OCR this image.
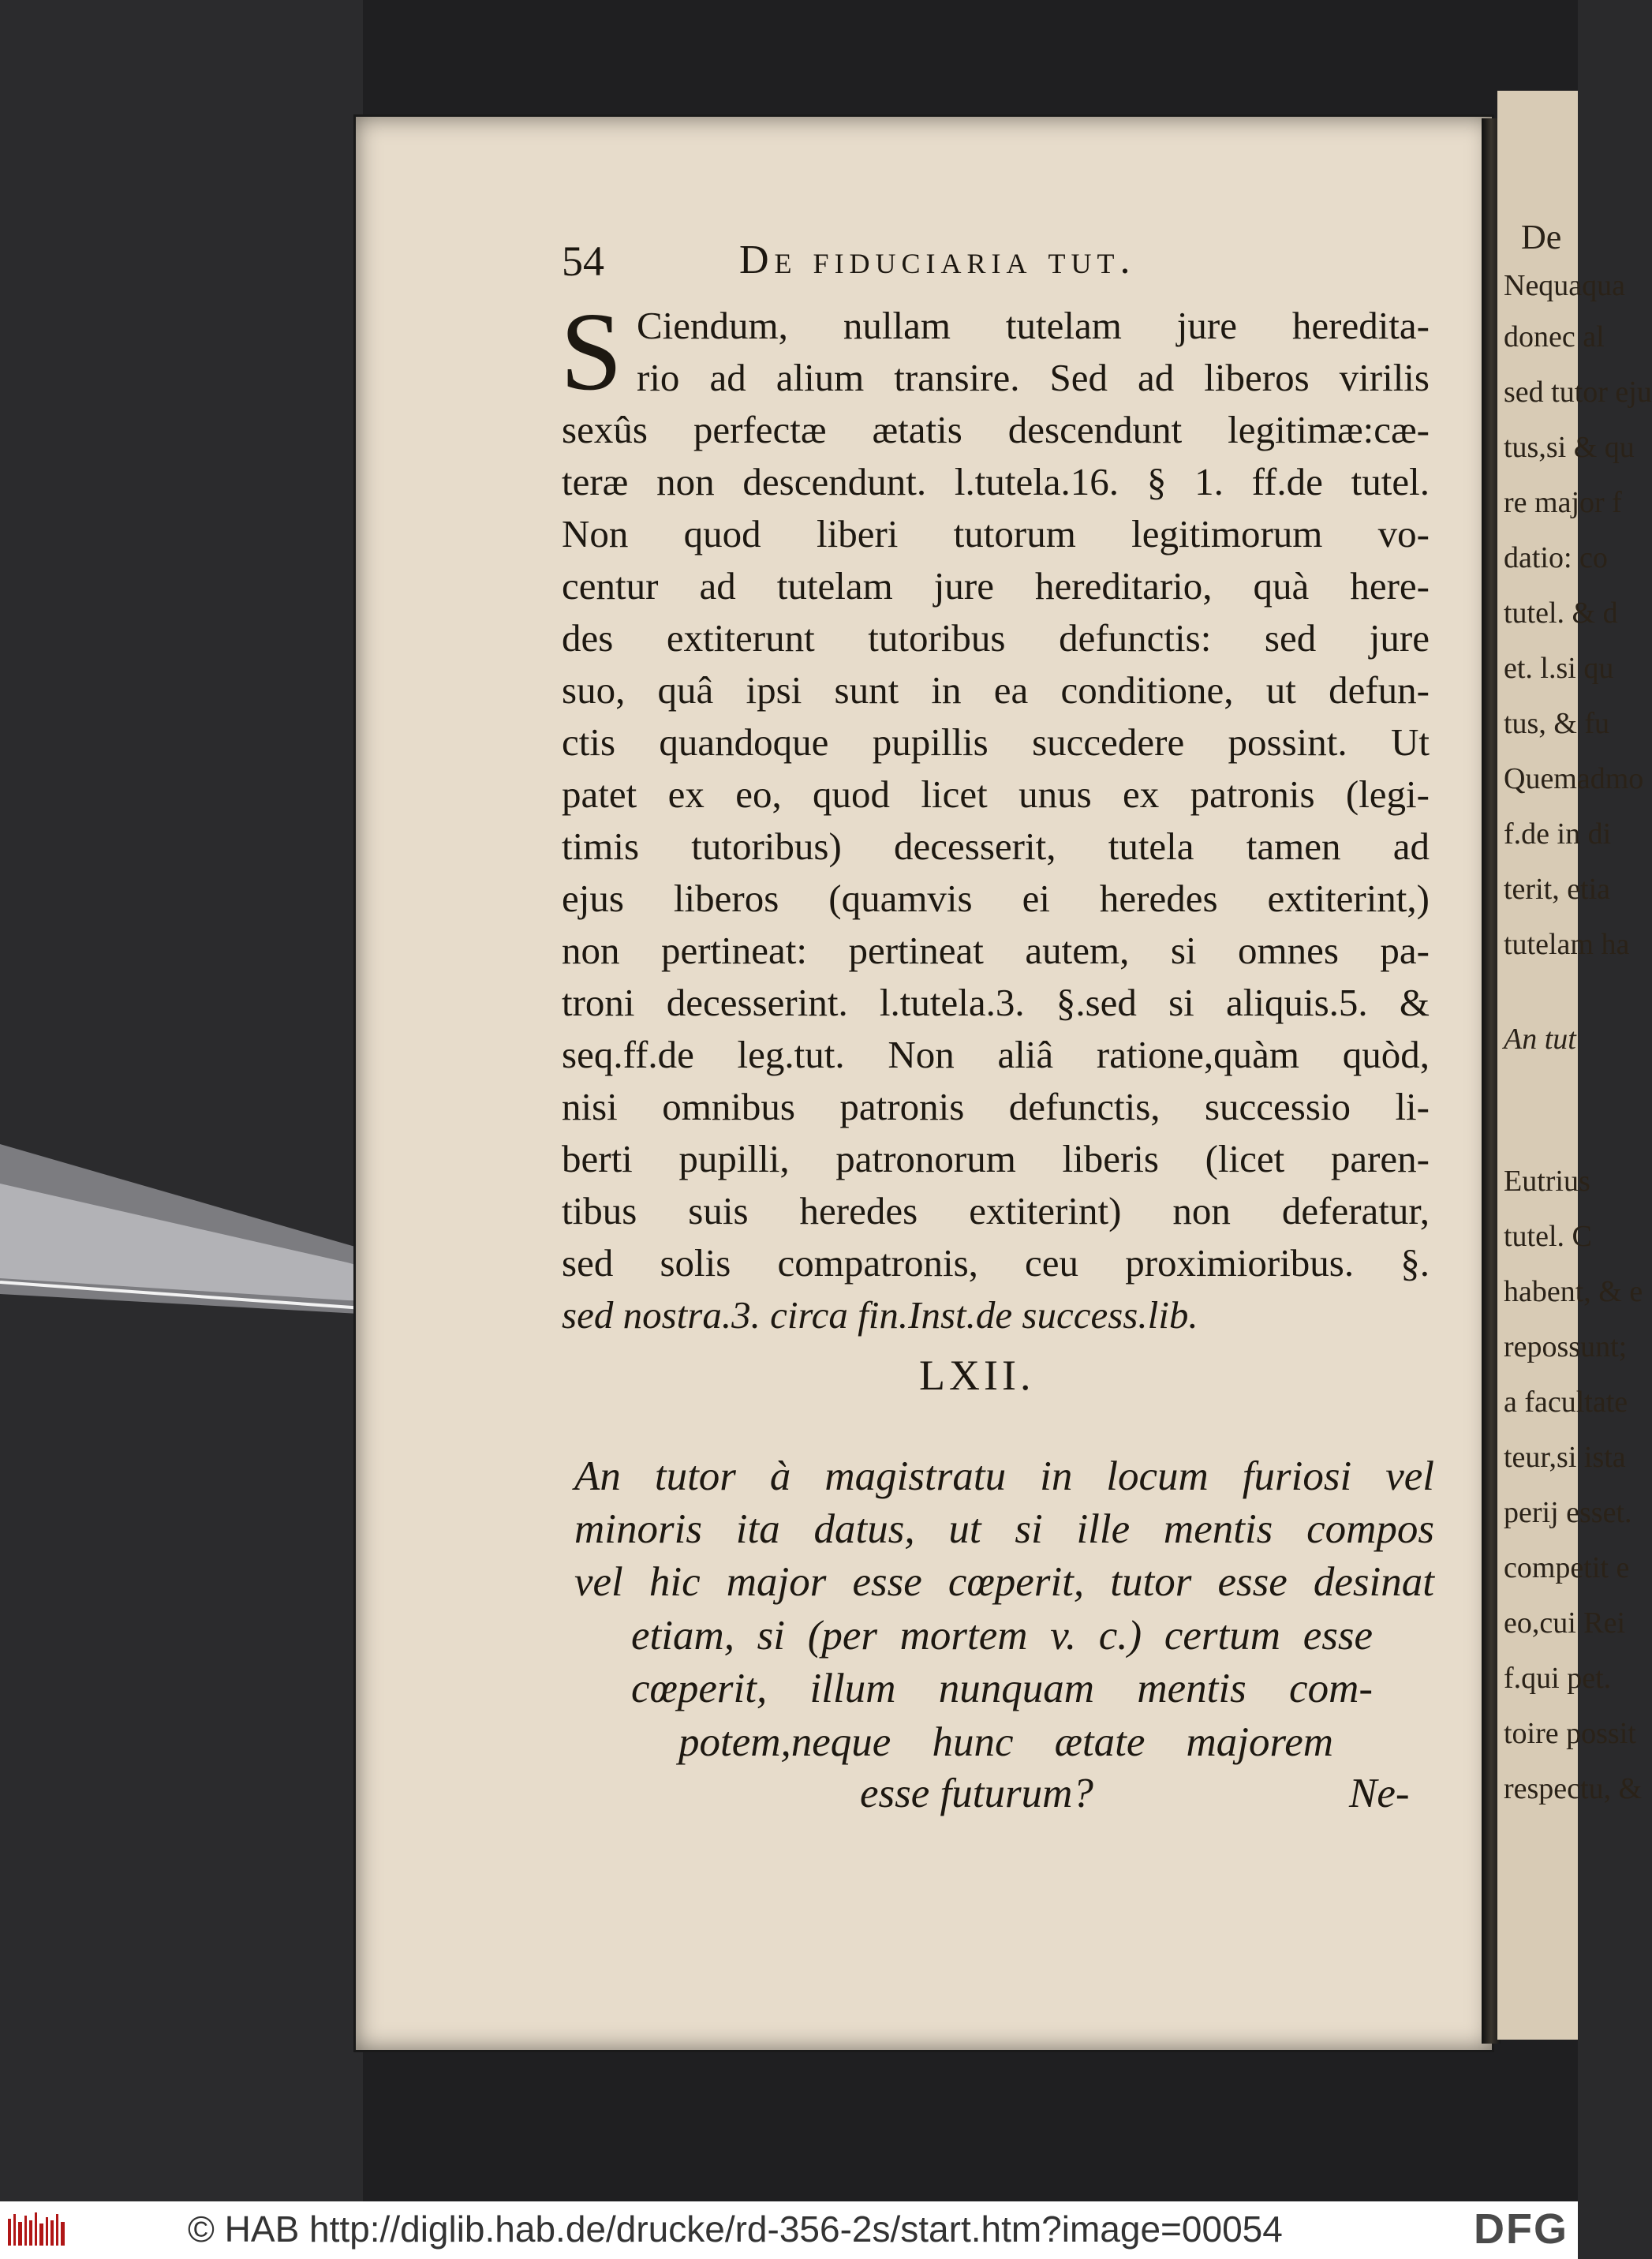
De
Nequaqua
donec al
sed tutor eju
tus,si & qu
re major f
datio: co
tutel. & d
et. l.si qu
tus, & fu
Quemadmo
f.de in di
terit, etia
tutelam ha
An tut
Eutrius
tutel. C
habent, & e
repossunt;
a facultate
teur,si ista
perij esset.
competit e
eo,cui Rei
f.qui pet.
toire possit
respectu, &
54	De fiduciaria tut.
S Ciendum, nullam tutelam jure heredita-
rio ad alium transire. Sed ad liberos virilis
sexûs perfectæ ætatis descendunt legitimæ:cæ-
teræ non descendunt. l.tutela.16. § 1. ff.de tutel.
Non quod liberi tutorum legitimorum vo-
centur ad tutelam jure hereditario, quà here-
des extiterunt tutoribus defunctis: sed jure
suo, quâ ipsi sunt in ea conditione, ut defun-
ctis quandoque pupillis succedere possint. Ut
patet ex eo, quod licet unus ex patronis (legi-
timis tutoribus) decesserit, tutela tamen ad
ejus liberos (quamvis ei heredes extiterint,)
non pertineat: pertineat autem, si omnes pa-
troni decesserint. l.tutela.3. §.sed si aliquis.5. &
seq.ff.de leg.tut. Non aliâ ratione,quàm quòd,
nisi omnibus patronis defunctis, successio li-
berti pupilli, patronorum liberis (licet paren-
tibus suis heredes extiterint) non deferatur,
sed solis compatronis, ceu proximioribus. §.
sed nostra.3. circa fin.Inst.de success.lib.
LXII.
An tutor à magistratu in locum furiosi vel
minoris ita datus, ut si ille mentis compos
vel hic major esse cœperit, tutor esse desinat
etiam, si (per mortem v. c.) certum esse
cœperit, illum nunquam mentis com-
potem,neque hunc ætate majorem
esse futurum?	Ne-
© HAB http://diglib.hab.de/drucke/rd-356-2s/start.htm?image=00054	DFG
